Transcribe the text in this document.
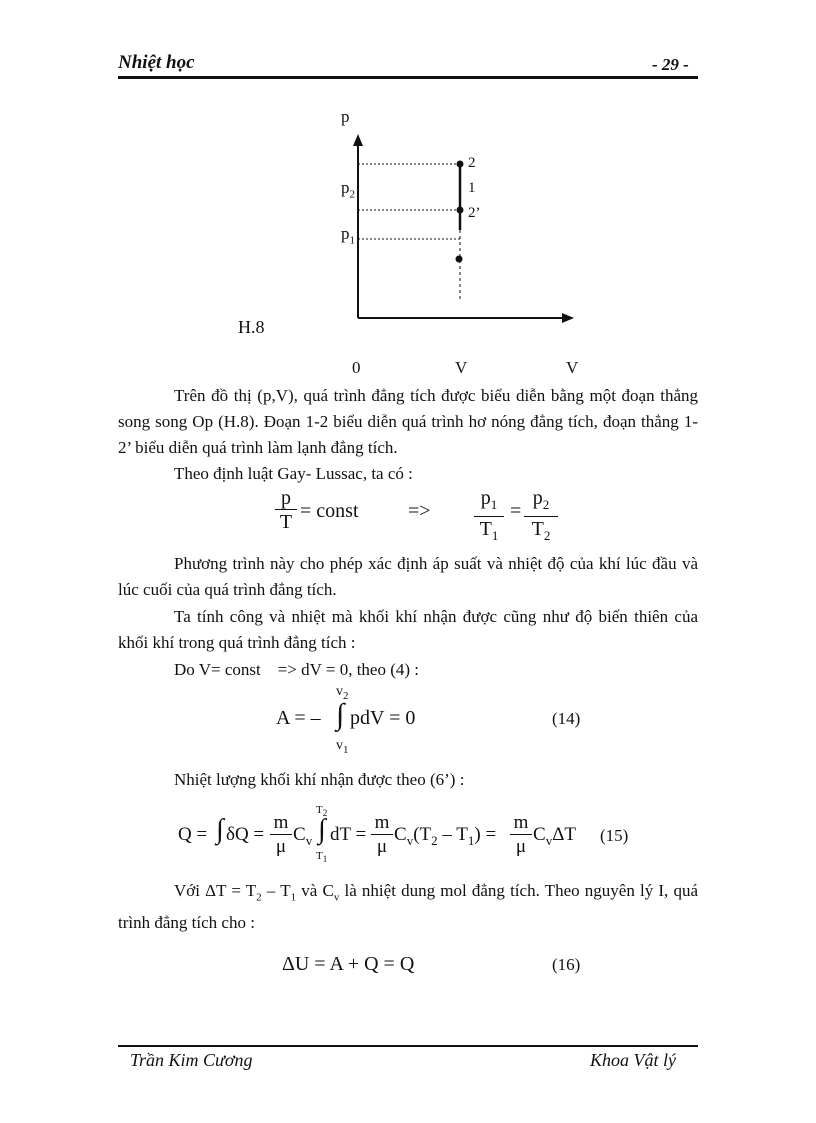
Nhiệt học	- 29 -
p
$p_2$
$p_1$
2
1
2’
H.8
0	V	V
Trên đồ thị (p,V), quá trình đẳng tích được biểu diễn bằng một đoạn thẳng song song Op (H.8). Đoạn 1-2 biểu diễn quá trình hơ nóng đẳng tích, đoạn thẳng 1-2’ biểu diễn quá trình làm lạnh đẳng tích.
Theo định luật Gay- Lussac, ta có :
p
T = const =>
$p_1$
$T_1$
=
$p_2$
$T_2$
Phương trình này cho phép xác định áp suất và nhiệt độ của khí lúc đầu và lúc cuối của quá trình đẳng tích.
Ta tính công và nhiệt mà khối khí nhận được cũng như độ biến thiên của khối khí trong quá trình đẳng tích :
Do V= const    => dV = 0, theo (4) :
$v_2$
A = – ∫ pdV = 0
$v_1$
(14)
Nhiệt lượng khối khí nhận được theo (6’) :
Q = ∫ δQ =
m
μ
$C_v$
$T_2$
∫
$T_1$
dT =
m
μ
$C_v(T_2 - T_1)$ =
m
μ
$C_v\Delta T$ (15)
Với $\Delta T = T_2 - T_1$ và $C_v$ là nhiệt dung mol đẳng tích. Theo nguyên lý I, quá trình đẳng tích cho :
ΔU = A + Q = Q	(16)
Trần Kim Cương	Khoa Vật lý
